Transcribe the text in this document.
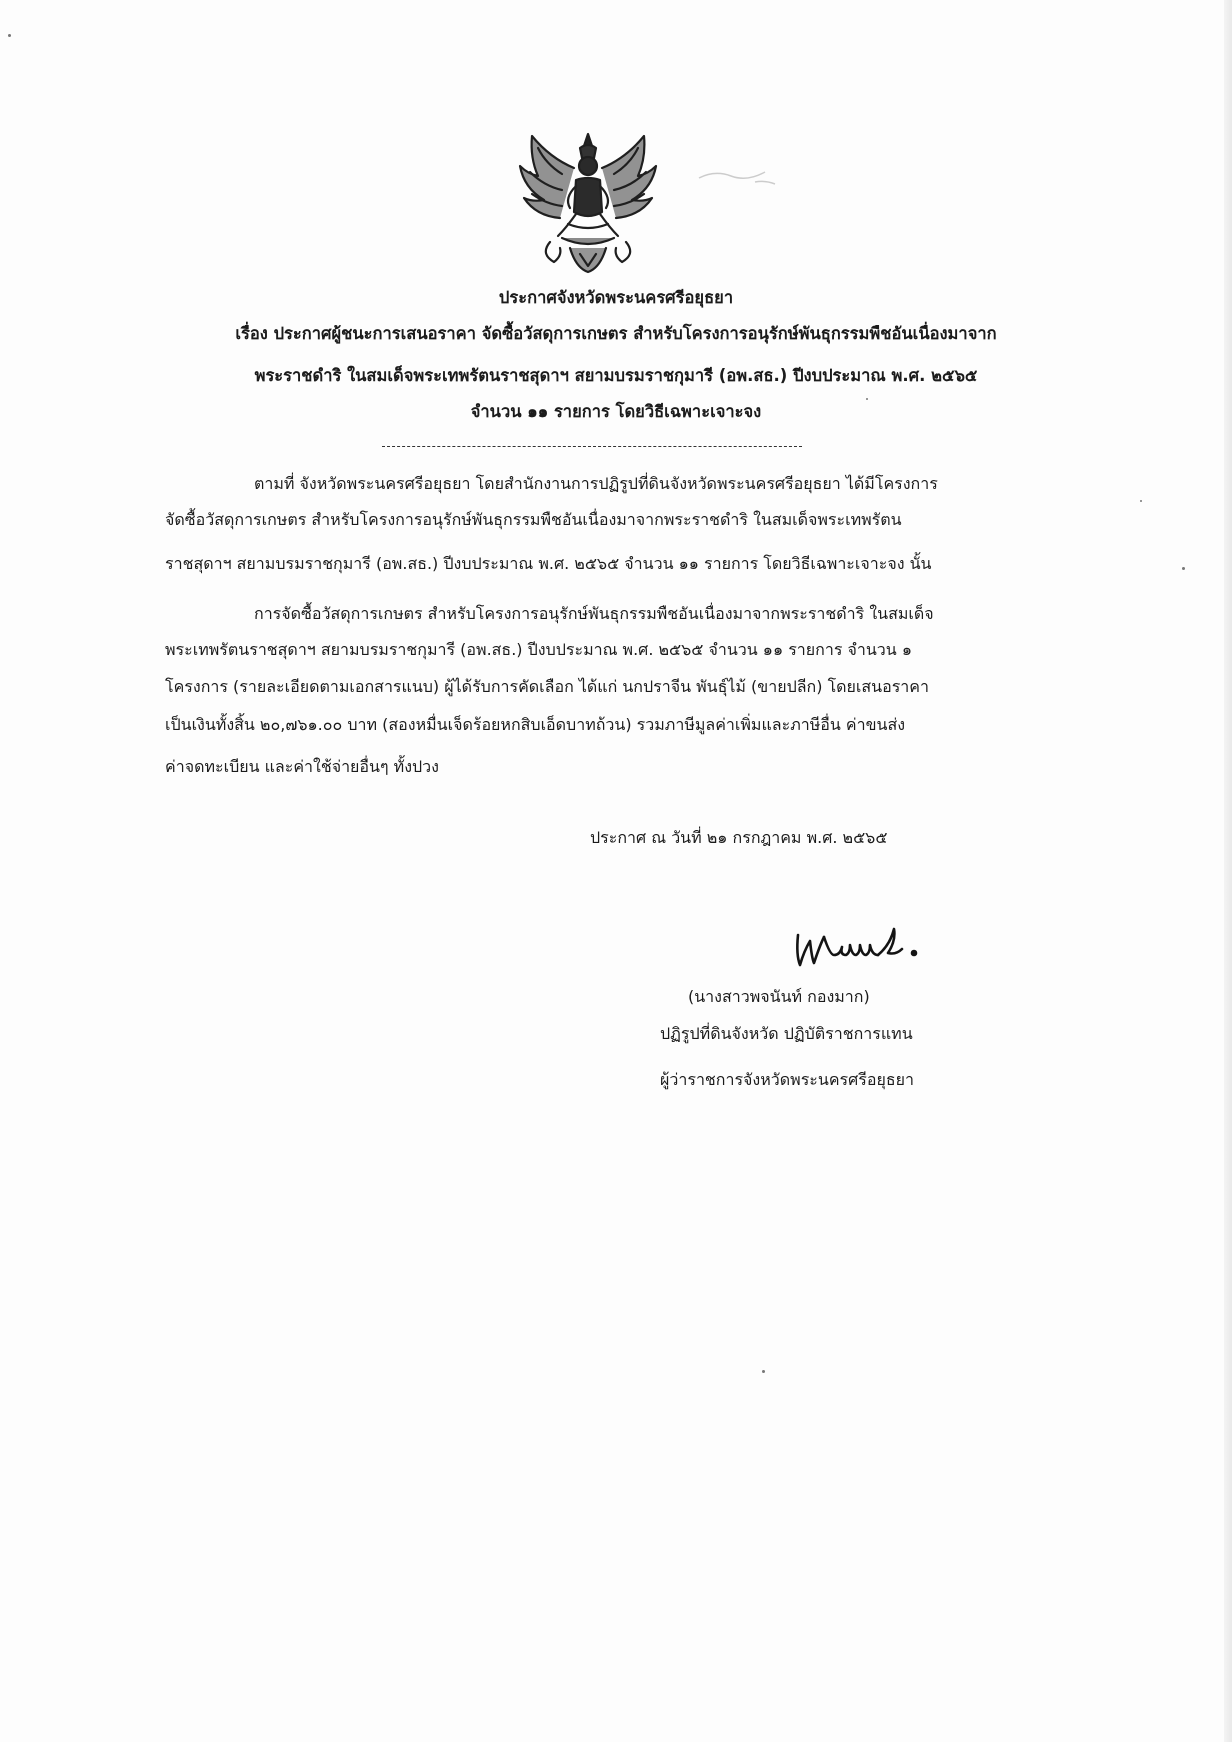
ประกาศจังหวัดพระนครศรีอยุธยา
เรื่อง ประกาศผู้ชนะการเสนอราคา จัดซื้อวัสดุการเกษตร สำหรับโครงการอนุรักษ์พันธุกรรมพืชอันเนื่องมาจาก
พระราชดำริ ในสมเด็จพระเทพรัตนราชสุดาฯ สยามบรมราชกุมารี (อพ.สธ.) ปีงบประมาณ พ.ศ. ๒๕๖๕
จำนวน ๑๑ รายการ โดยวิธีเฉพาะเจาะจง
ตามที่ จังหวัดพระนครศรีอยุธยา โดยสำนักงานการปฏิรูปที่ดินจังหวัดพระนครศรีอยุธยา ได้มีโครงการ
จัดซื้อวัสดุการเกษตร สำหรับโครงการอนุรักษ์พันธุกรรมพืชอันเนื่องมาจากพระราชดำริ ในสมเด็จพระเทพรัตน
ราชสุดาฯ สยามบรมราชกุมารี (อพ.สธ.) ปีงบประมาณ พ.ศ. ๒๕๖๕ จำนวน ๑๑ รายการ โดยวิธีเฉพาะเจาะจง นั้น
การจัดซื้อวัสดุการเกษตร สำหรับโครงการอนุรักษ์พันธุกรรมพืชอันเนื่องมาจากพระราชดำริ ในสมเด็จ
พระเทพรัตนราชสุดาฯ สยามบรมราชกุมารี (อพ.สธ.) ปีงบประมาณ พ.ศ. ๒๕๖๕ จำนวน ๑๑ รายการ จำนวน ๑
โครงการ (รายละเอียดตามเอกสารแนบ) ผู้ได้รับการคัดเลือก ได้แก่ นกปราจีน พันธุ์ไม้ (ขายปลีก) โดยเสนอราคา
เป็นเงินทั้งสิ้น ๒๐,๗๖๑.๐๐ บาท (สองหมื่นเจ็ดร้อยหกสิบเอ็ดบาทถ้วน) รวมภาษีมูลค่าเพิ่มและภาษีอื่น ค่าขนส่ง
ค่าจดทะเบียน และค่าใช้จ่ายอื่นๆ ทั้งปวง
ประกาศ ณ วันที่ ๒๑ กรกฎาคม พ.ศ. ๒๕๖๕
(นางสาวพจนันท์ กองมาก)
ปฏิรูปที่ดินจังหวัด ปฏิบัติราชการแทน
ผู้ว่าราชการจังหวัดพระนครศรีอยุธยา
